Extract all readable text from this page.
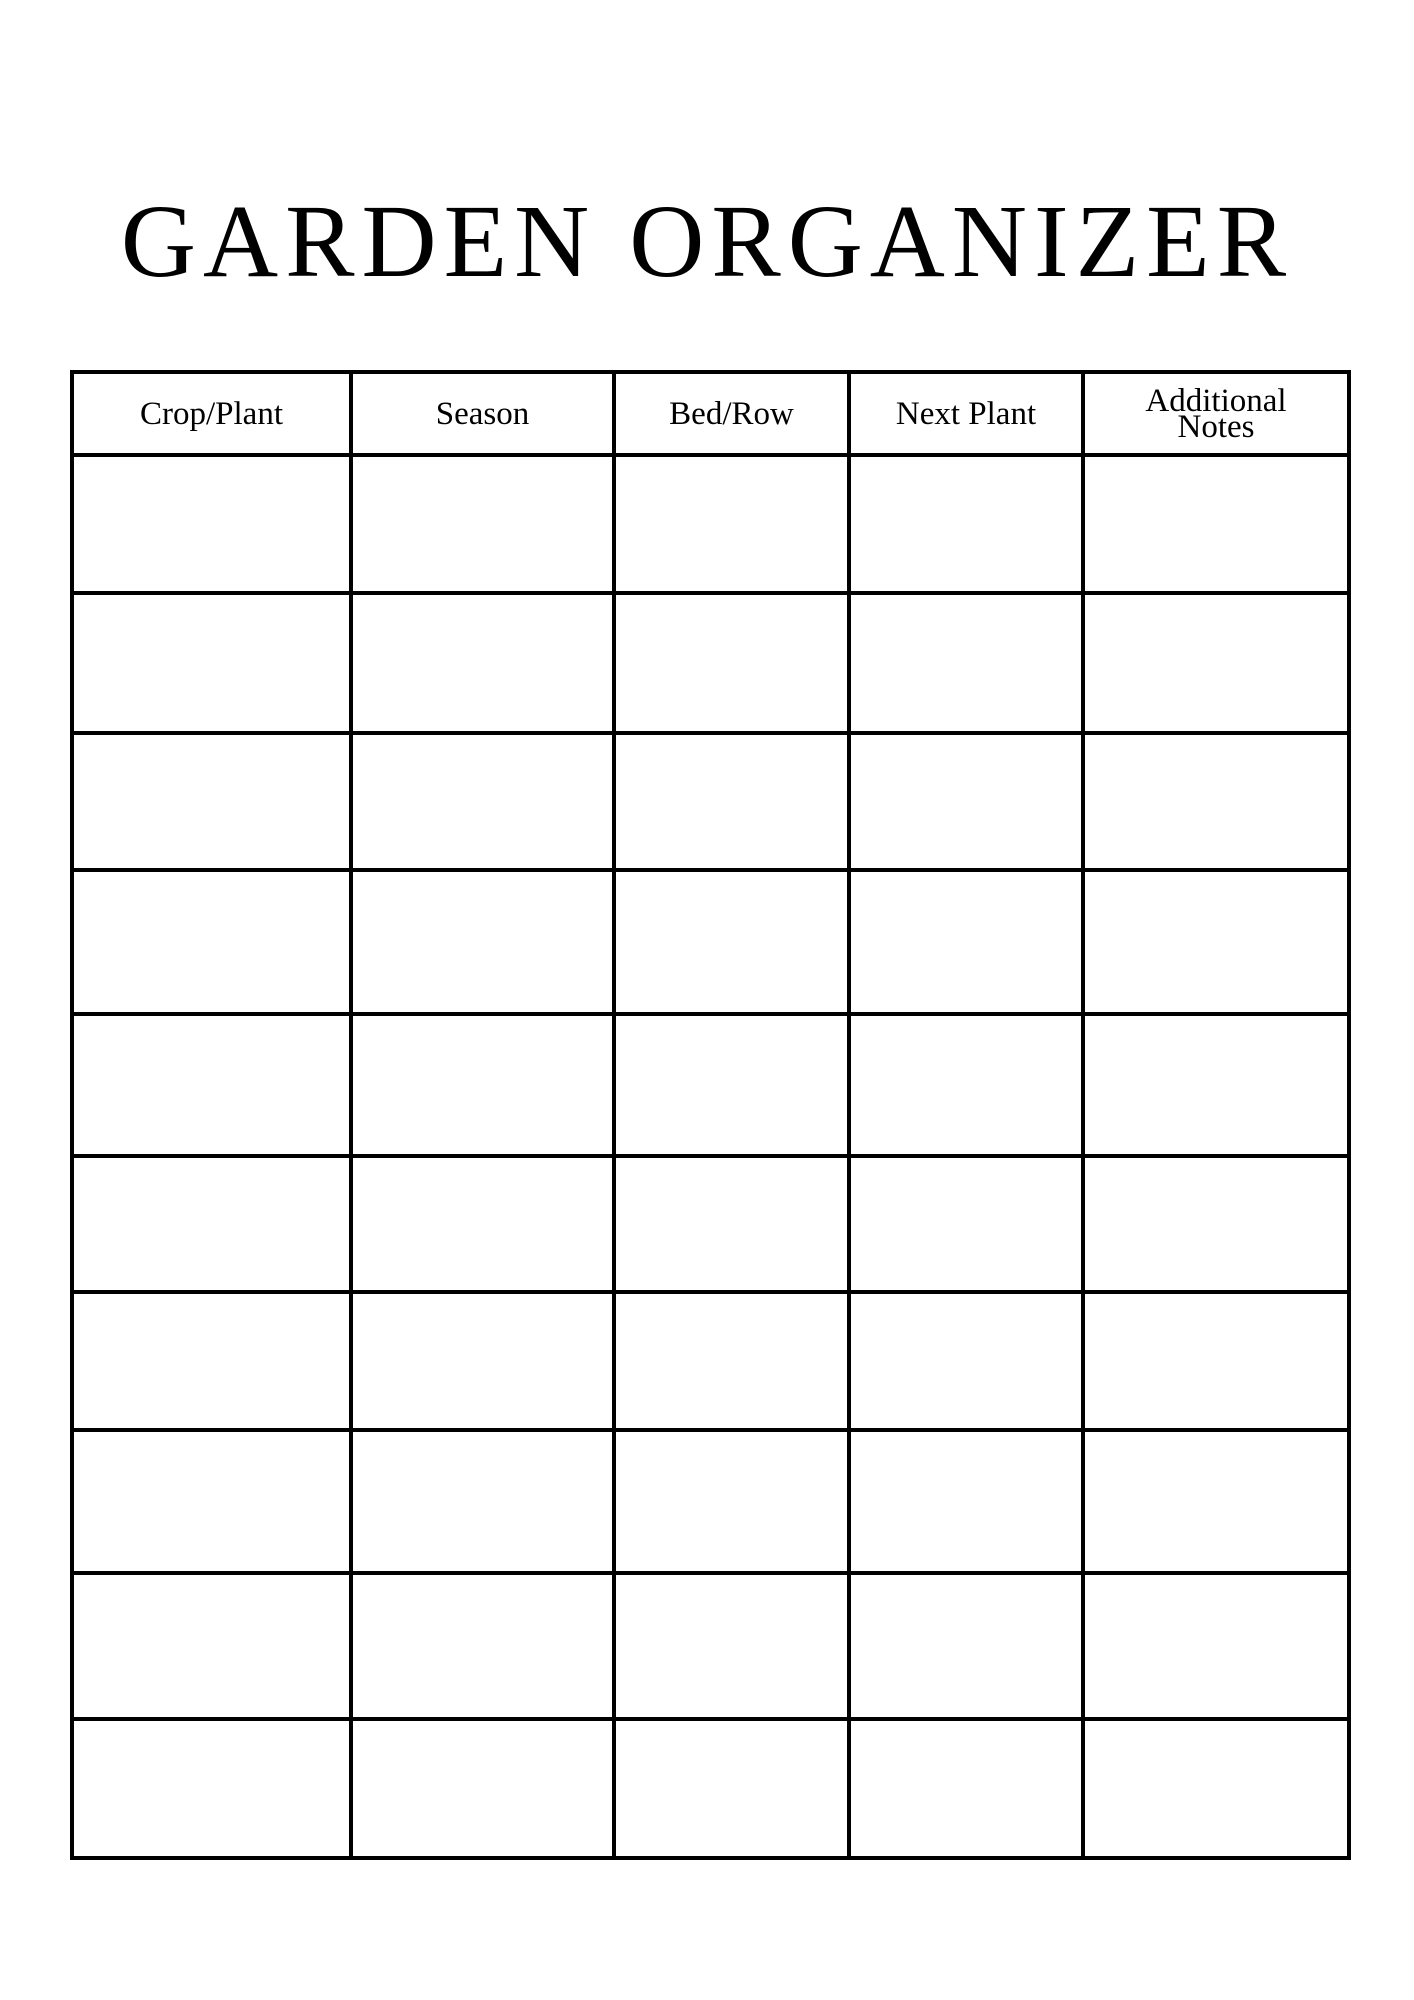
GARDEN ORGANIZER
Crop/Plant	Season	Bed/Row	Next Plant	Additional
Notes
